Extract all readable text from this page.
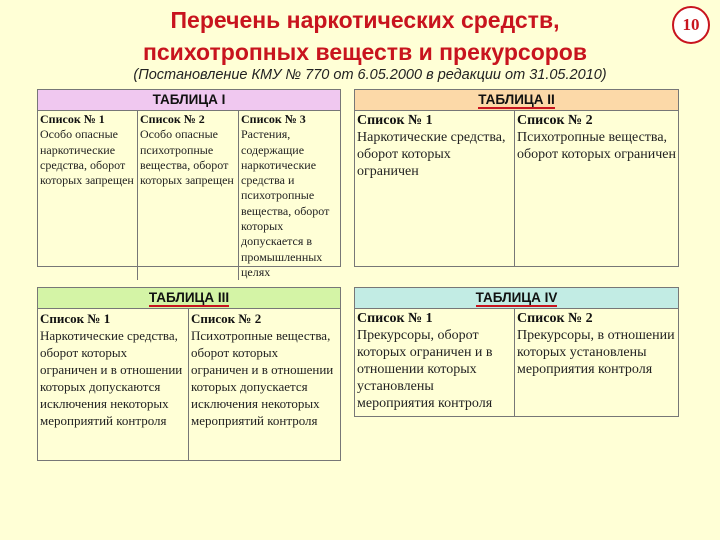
Перечень наркотических средств,
психотропных веществ и прекурсоров
(Постановление КМУ № 770 от 6.05.2000 в редакции от 31.05.2010)
10
ТАБЛИЦА І
Список № 1
Особо опасные наркотические средства, оборот которых запрещен
Список № 2
Особо опасные психотропные вещества, оборот которых запрещен
Список № 3
Растения, содержащие наркотические средства и психотропные вещества, оборот которых допускается в промышленных целях
ТАБЛИЦА ІІ
Список № 1
Наркотические средства, оборот которых ограничен
Список № 2
Психотропные вещества, оборот которых ограничен
ТАБЛИЦА ІІІ
Список № 1
Наркотические средства, оборот которых ограничен и в отношении которых допускаются исключения некоторых мероприятий контроля
Список № 2
Психотропные вещества, оборот которых ограничен и в отношении которых допускается исключения некоторых мероприятий контроля
ТАБЛИЦА ІV
Список № 1
Прекурсоры, оборот которых ограничен и в отношении которых установлены мероприятия контроля
Список № 2
Прекурсоры, в отношении которых установлены мероприятия контроля
